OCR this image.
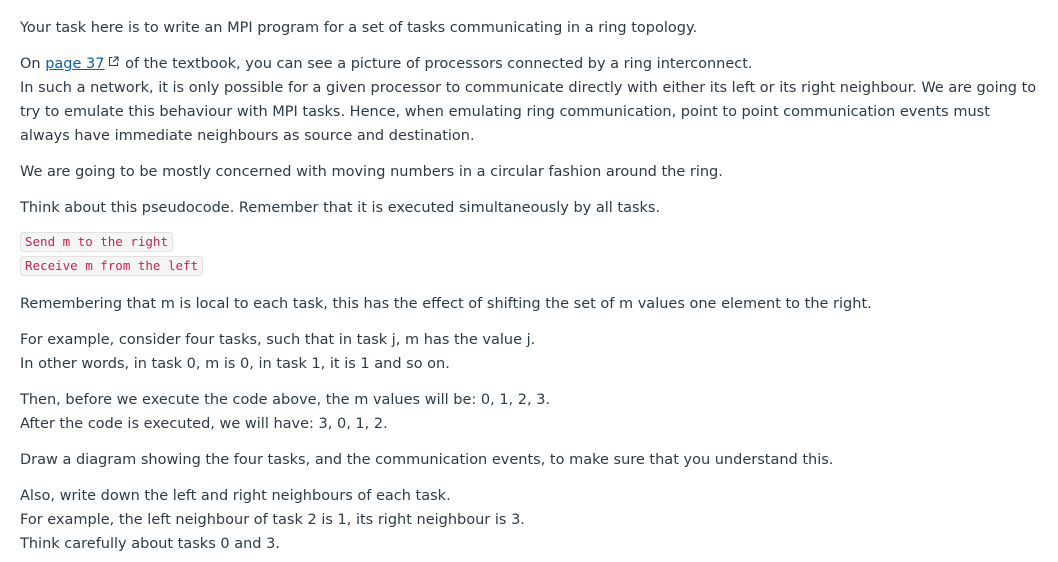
Your task here is to write an MPI program for a set of tasks communicating in a ring topology.

On page 37 of the textbook, you can see a picture of processors connected by a ring interconnect.
In such a network, it is only possible for a given processor to communicate directly with either its left or its right neighbour. We are going to try to emulate this behaviour with MPI tasks. Hence, when emulating ring communication, point to point communication events must always have immediate neighbours as source and destination.

We are going to be mostly concerned with moving numbers in a circular fashion around the ring.

Think about this pseudocode. Remember that it is executed simultaneously by all tasks.

Send m to the right
Receive m from the left

Remembering that m is local to each task, this has the effect of shifting the set of m values one element to the right.

For example, consider four tasks, such that in task j, m has the value j.
In other words, in task 0, m is 0, in task 1, it is 1 and so on.

Then, before we execute the code above, the m values will be: 0, 1, 2, 3.
After the code is executed, we will have: 3, 0, 1, 2.

Draw a diagram showing the four tasks, and the communication events, to make sure that you understand this.

Also, write down the left and right neighbours of each task.
For example, the left neighbour of task 2 is 1, its right neighbour is 3.
Think carefully about tasks 0 and 3.
